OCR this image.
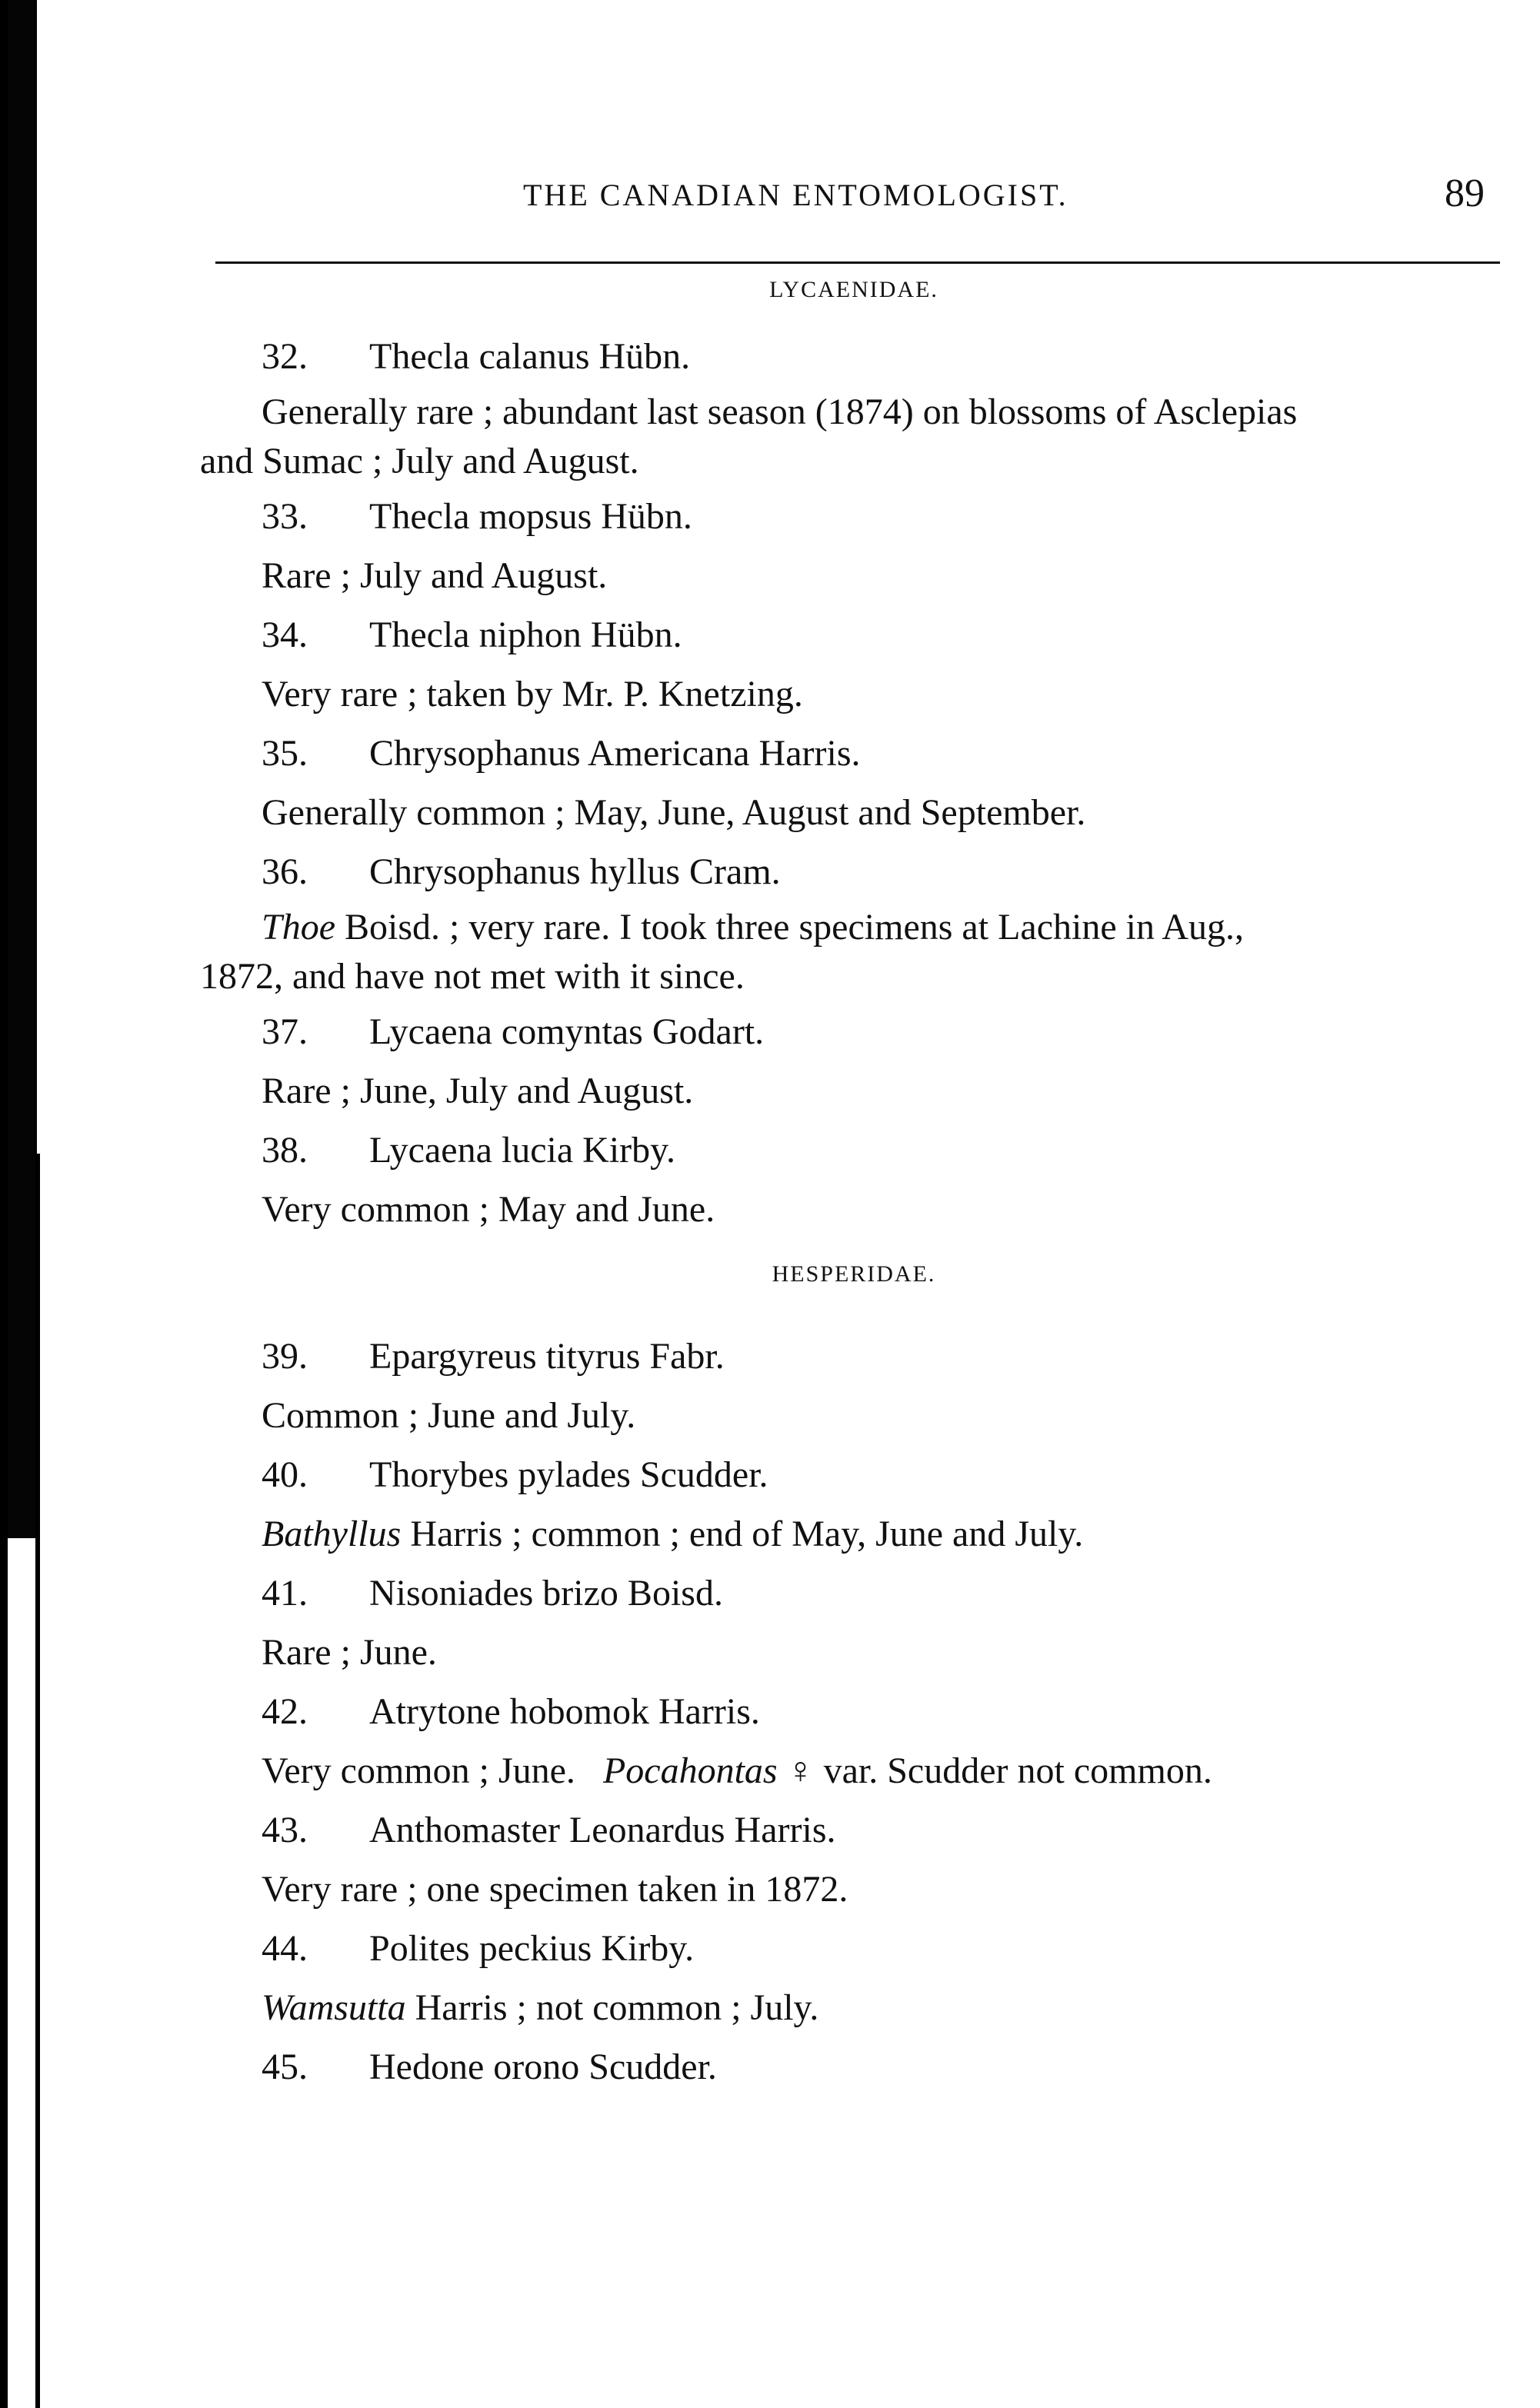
THE CANADIAN ENTOMOLOGIST.	89

LYCAENIDAE.

32. Thecla calanus Hübn.

Generally rare ; abundant last season (1874) on blossoms of Asclepias

and Sumac ; July and August.

33. Thecla mopsus Hübn.

Rare ; July and August.

34. Thecla niphon Hübn.

Very rare ; taken by Mr. P. Knetzing.

35. Chrysophanus Americana Harris.

Generally common ; May, June, August and September.

36. Chrysophanus hyllus Cram.

Thoe Boisd. ; very rare. I took three specimens at Lachine in Aug.,

1872, and have not met with it since.

37. Lycaena comyntas Godart.

Rare ; June, July and August.

38. Lycaena lucia Kirby.

Very common ; May and June.

HESPERIDAE.

39. Epargyreus tityrus Fabr.

Common ; June and July.

40. Thorybes pylades Scudder.

Bathyllus Harris ; common ; end of May, June and July.

41. Nisoniades brizo Boisd.

Rare ; June.

42. Atrytone hobomok Harris.

Very common ; June. Pocahontas ♀ var. Scudder not common.

43. Anthomaster Leonardus Harris.

Very rare ; one specimen taken in 1872.

44. Polites peckius Kirby.

Wamsutta Harris ; not common ; July.

45. Hedone orono Scudder.
